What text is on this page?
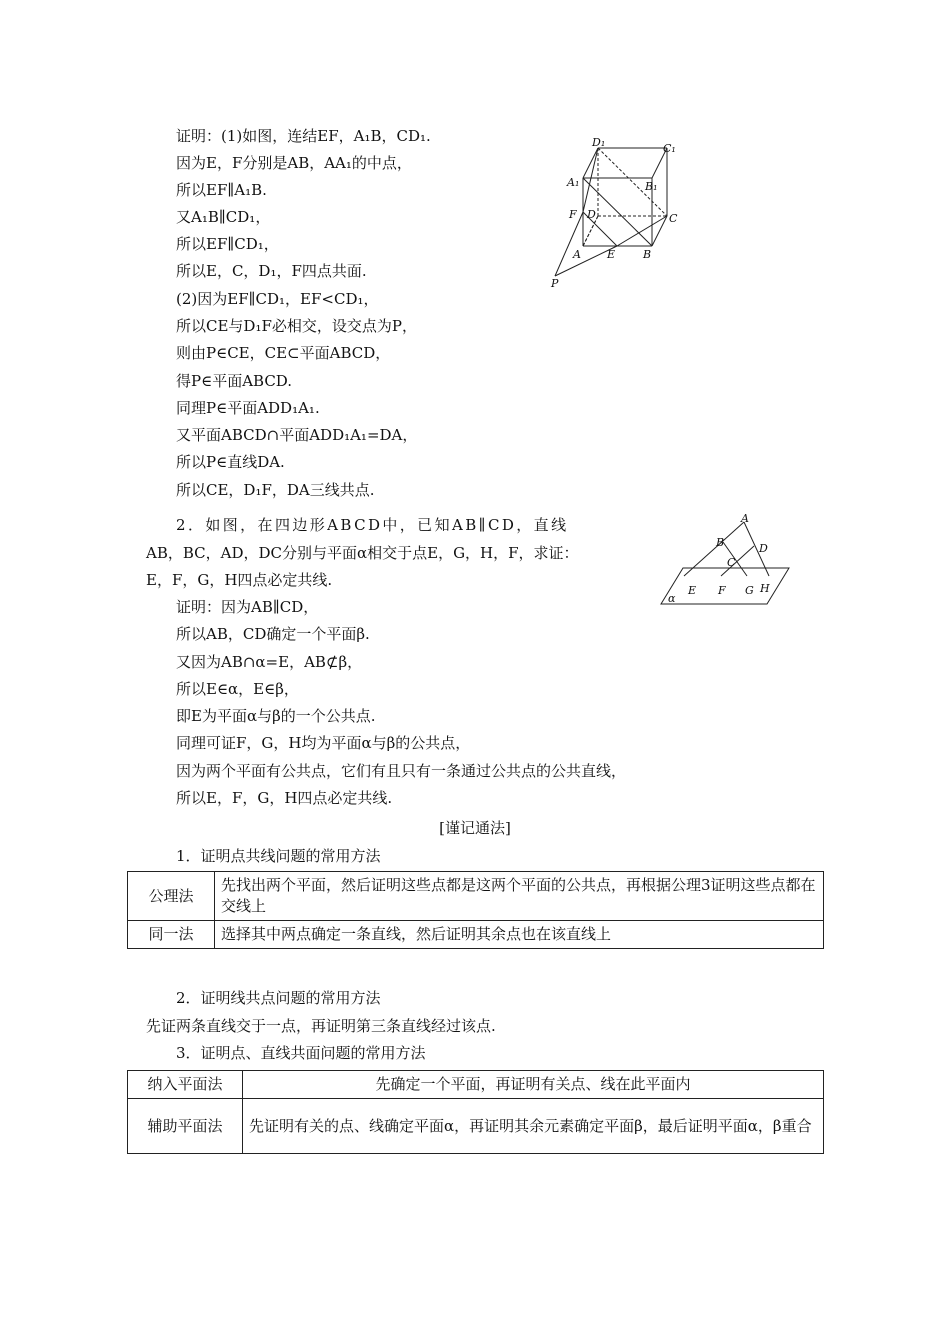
证明：(1)如图，连结EF，A₁B，CD₁.
因为E，F分别是AB，AA₁的中点，
所以EF∥A₁B.
又A₁B∥CD₁，
所以EF∥CD₁，
所以E，C，D₁，F四点共面.
(2)因为EF∥CD₁，EF<CD₁，
所以CE与D₁F必相交，设交点为P，
则由P∈CE，CE⊂平面ABCD，
得P∈平面ABCD.
同理P∈平面ADD₁A₁.
又平面ABCD∩平面ADD₁A₁=DA，
所以P∈直线DA.
所以CE，D₁F，DA三线共点.
D₁	C₁
A₁	B₁
F D	C
A E	B
P
2．如图，在四边形ABCD中，已知AB∥CD，直线
AB，BC，AD，DC分别与平面α相交于点E，G，H，F，求证：
E，F，G，H四点必定共线.
A
B	D
C
E F G H
α
证明：因为AB∥CD，
所以AB，CD确定一个平面β.
又因为AB∩α=E，AB⊄β，
所以E∈α，E∈β，
即E为平面α与β的一个公共点.
同理可证F，G，H均为平面α与β的公共点，
因为两个平面有公共点，它们有且只有一条通过公共点的公共直线，
所以E，F，G，H四点必定共线.
[谨记通法]
1．证明点共线问题的常用方法
公理法	先找出两个平面，然后证明这些点都是这两个平面的公共点，再根据公理3证明这些点都在交线上
同一法	选择其中两点确定一条直线，然后证明其余点也在该直线上
2．证明线共点问题的常用方法
先证两条直线交于一点，再证明第三条直线经过该点.
3．证明点、直线共面问题的常用方法
纳入平面法	先确定一个平面，再证明有关点、线在此平面内
辅助平面法	先证明有关的点、线确定平面α，再证明其余元素确定平面β，最后证明平面α，β重合
